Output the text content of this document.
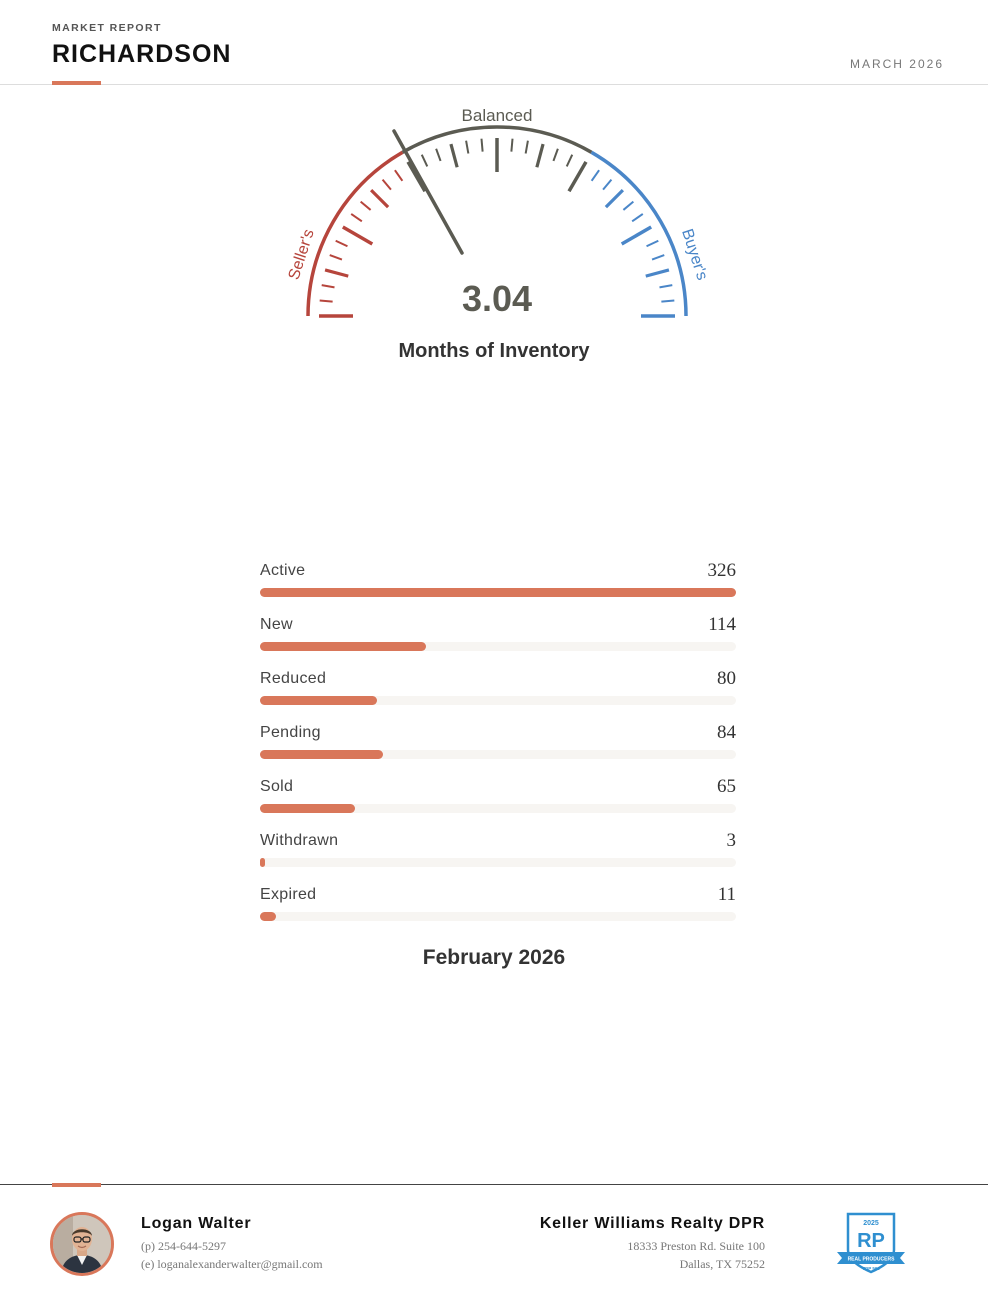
MARKET REPORT
RICHARDSON	MARCH 2026
Balanced
Seller's	Buyer's
3.04
Months of Inventory
Active	326
New	114
Reduced	80
Pending	84
Sold	65
Withdrawn	3
Expired	11
February 2026
Logan Walter
(p) 254-644-5297
(e) loganalexanderwalter@gmail.com
Keller Williams Realty DPR
18333 Preston Rd. Suite 100
Dallas, TX 75252
2025
RP
REAL PRODUCERS
TOP 500
